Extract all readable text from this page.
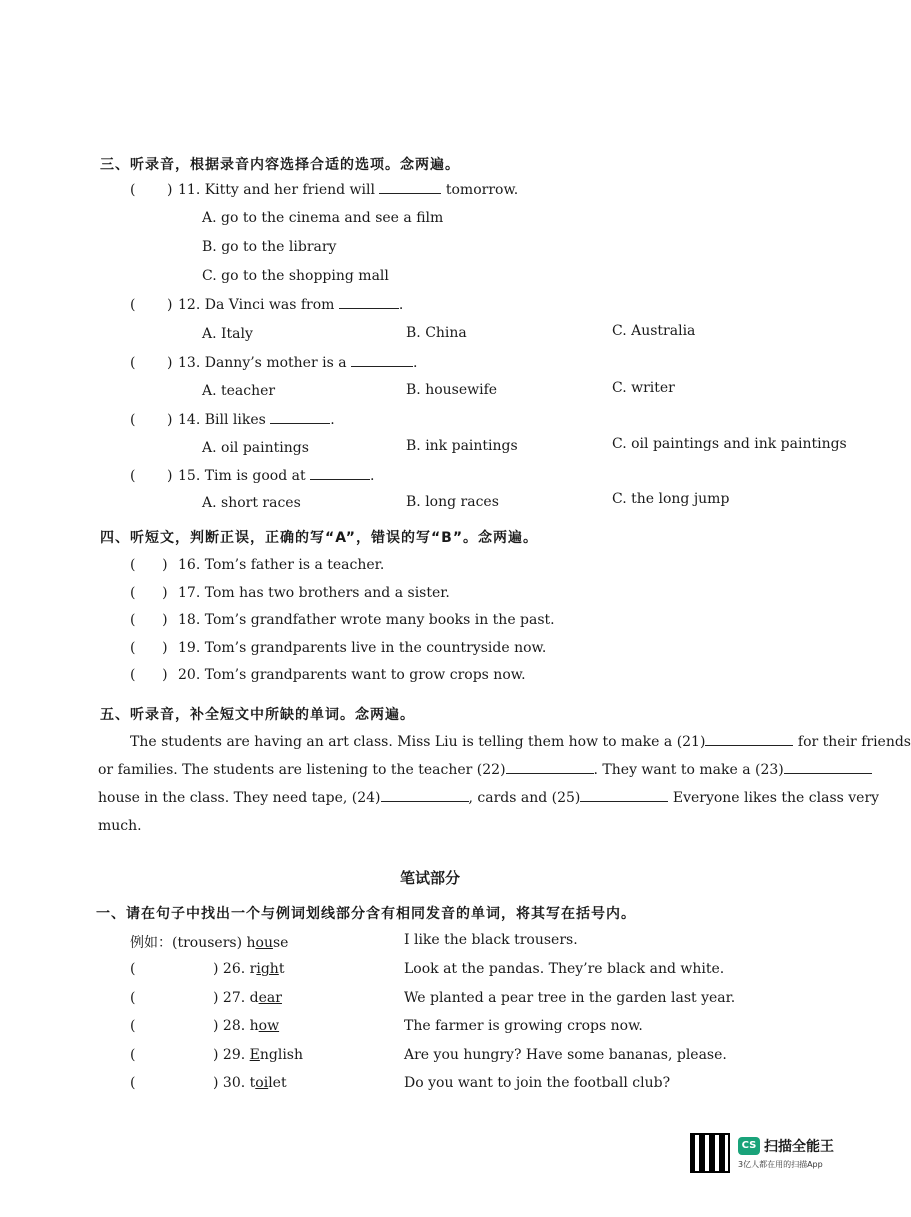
三、听录音，根据录音内容选择合适的选项。念两遍。
( ) 11. Kitty and her friend will	tomorrow.
A. go to the cinema and see a film
B. go to the library
C. go to the shopping mall
( ) 12. Da Vinci was from	.
A. Italy	B. China	C. Australia
( ) 13. Danny’s mother is a	.
A. teacher	B. housewife	C. writer
( ) 14. Bill likes	.
A. oil paintings	B. ink paintings	C. oil paintings and ink paintings
( ) 15. Tim is good at	.
A. short races	B. long races	C. the long jump
四、听短文，判断正误，正确的写“A”，错误的写“B”。念两遍。
(      ) 16. Tom’s father is a teacher.
(      ) 17. Tom has two brothers and a sister.
(      ) 18. Tom’s grandfather wrote many books in the past.
(      ) 19. Tom’s grandparents live in the countryside now.
(      ) 20. Tom’s grandparents want to grow crops now.
五、听录音，补全短文中所缺的单词。念两遍。
The students are having an art class. Miss Liu is telling them how to make a (21)	for their friends
or families. The students are listening to the teacher (22)	. They want to make a (23)
house in the class. They need tape, (24)	, cards and (25)	Everyone likes the class very
much.
笔试部分
一、请在句子中找出一个与例词划线部分含有相同发音的单词，将其写在括号内。
例如：(trousers) house	I like the black trousers.
(	) 26. right	Look at the pandas. They’re black and white.
(	) 27. dear	We planted a pear tree in the garden last year.
(	) 28. how	The farmer is growing crops now.
(	) 29. English	Are you hungry? Have some bananas, please.
(	) 30. toilet	Do you want to join the football club?
CS 扫描全能王
3亿人都在用的扫描App
